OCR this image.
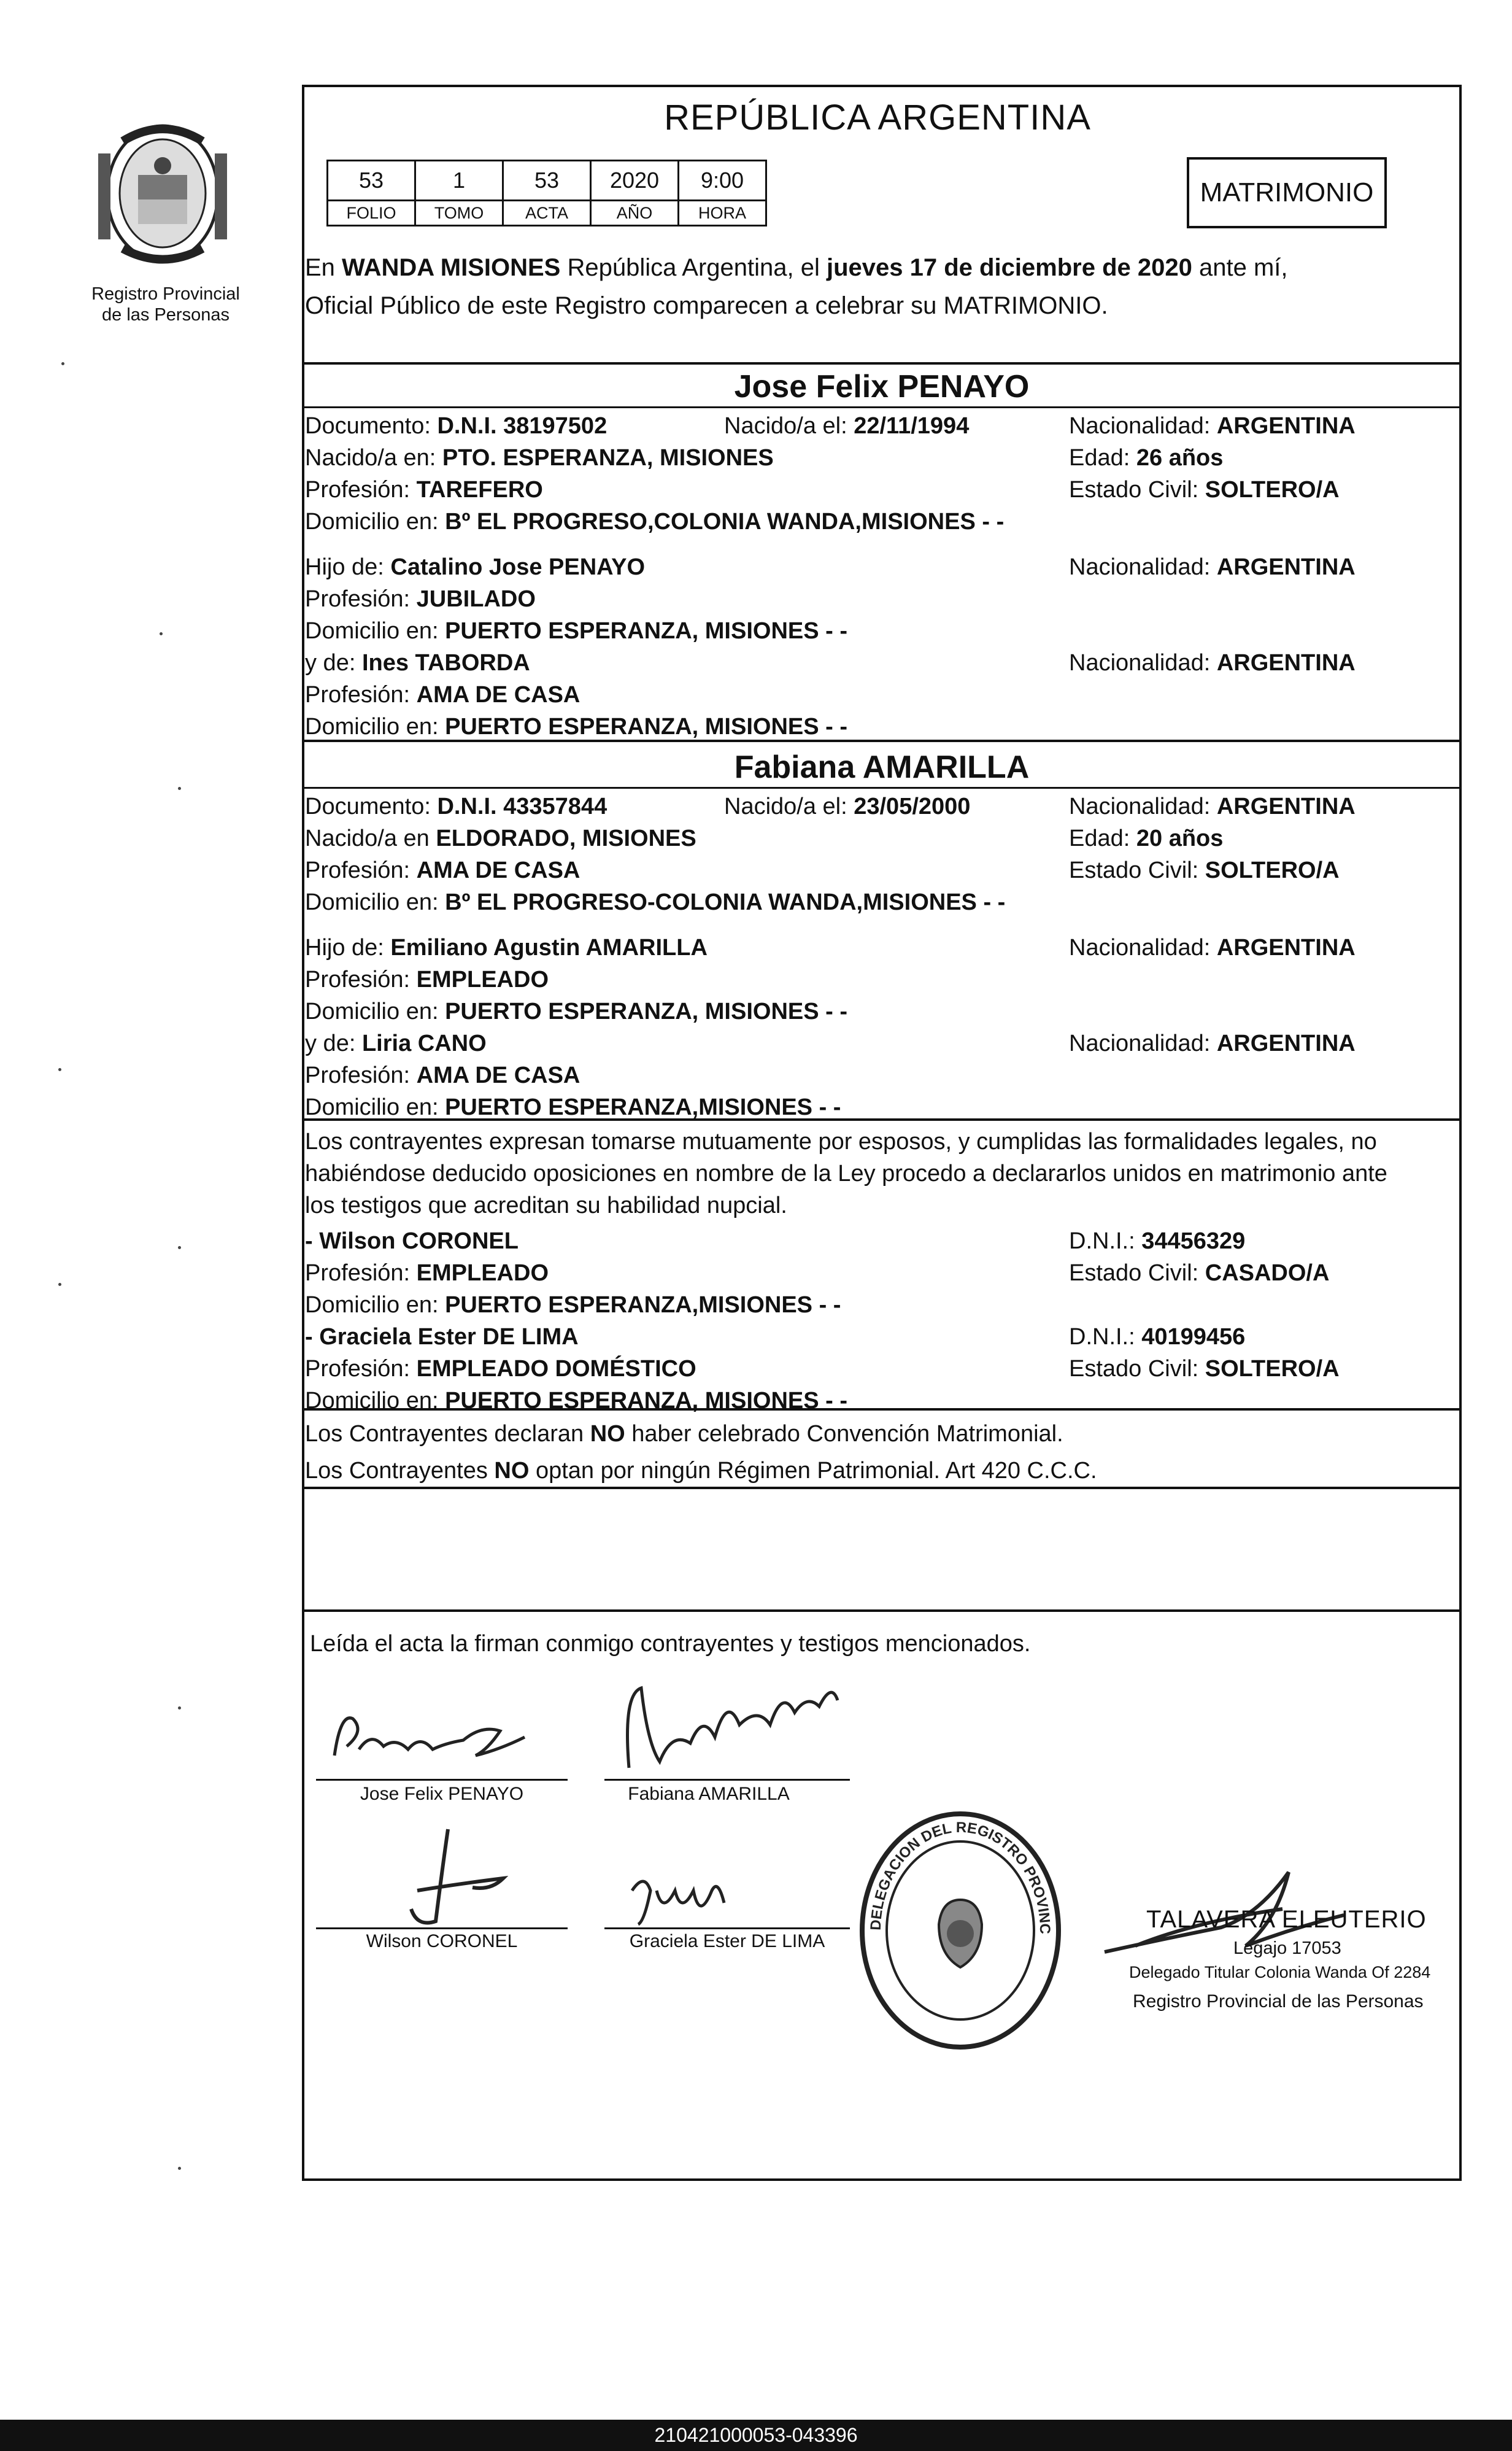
Registro Provincial
de las Personas
REPÚBLICA ARGENTINA
53	1	53	2020	9:00
FOLIO	TOMO	ACTA	AÑO	HORA
MATRIMONIO
En WANDA MISIONES República Argentina, el jueves 17 de diciembre de 2020 ante mí,
Oficial Público de este Registro comparecen a celebrar su MATRIMONIO.
Jose Felix PENAYO
Documento: D.N.I. 38197502	Nacido/a el: 22/11/1994	Nacionalidad: ARGENTINA
Nacido/a en: PTO. ESPERANZA, MISIONES	Edad: 26 años
Profesión: TAREFERO	Estado Civil: SOLTERO/A
Domicilio en: Bº EL PROGRESO,COLONIA WANDA,MISIONES - -
Hijo de: Catalino Jose PENAYO	Nacionalidad: ARGENTINA
Profesión: JUBILADO
Domicilio en: PUERTO ESPERANZA, MISIONES - -
y de: Ines TABORDA	Nacionalidad: ARGENTINA
Profesión: AMA DE CASA
Domicilio en: PUERTO ESPERANZA, MISIONES - -
Fabiana AMARILLA
Documento: D.N.I. 43357844	Nacido/a el: 23/05/2000	Nacionalidad: ARGENTINA
Nacido/a en ELDORADO, MISIONES	Edad: 20 años
Profesión: AMA DE CASA	Estado Civil: SOLTERO/A
Domicilio en: Bº EL PROGRESO-COLONIA WANDA,MISIONES - -
Hijo de: Emiliano Agustin AMARILLA	Nacionalidad: ARGENTINA
Profesión: EMPLEADO
Domicilio en: PUERTO ESPERANZA, MISIONES - -
y de: Liria CANO	Nacionalidad: ARGENTINA
Profesión: AMA DE CASA
Domicilio en: PUERTO ESPERANZA,MISIONES - -
Los contrayentes expresan tomarse mutuamente por esposos, y cumplidas las formalidades legales, no
habiéndose deducido oposiciones en nombre de la Ley procedo a declararlos unidos en matrimonio ante
los testigos que acreditan su habilidad nupcial.
- Wilson CORONEL	D.N.I.: 34456329
Profesión: EMPLEADO	Estado Civil: CASADO/A
Domicilio en: PUERTO ESPERANZA,MISIONES - -
- Graciela Ester DE LIMA	D.N.I.: 40199456
Profesión: EMPLEADO DOMÉSTICO	Estado Civil: SOLTERO/A
Domicilio en: PUERTO ESPERANZA, MISIONES - -
Los Contrayentes declaran NO haber celebrado Convención Matrimonial.
Los Contrayentes NO optan por ningún Régimen Patrimonial. Art 420 C.C.C.
Leída el acta la firman conmigo contrayentes y testigos mencionados.
Jose Felix PENAYO	Fabiana AMARILLA
Wilson CORONEL	Graciela Ester DE LIMA
DELEGACION DEL REGISTRO PROVINC	TALAVERA ELEUTERIO
Legajo 17053
Delegado Titular Colonia Wanda Of 2284
Registro Provincial de las Personas
210421000053-043396
